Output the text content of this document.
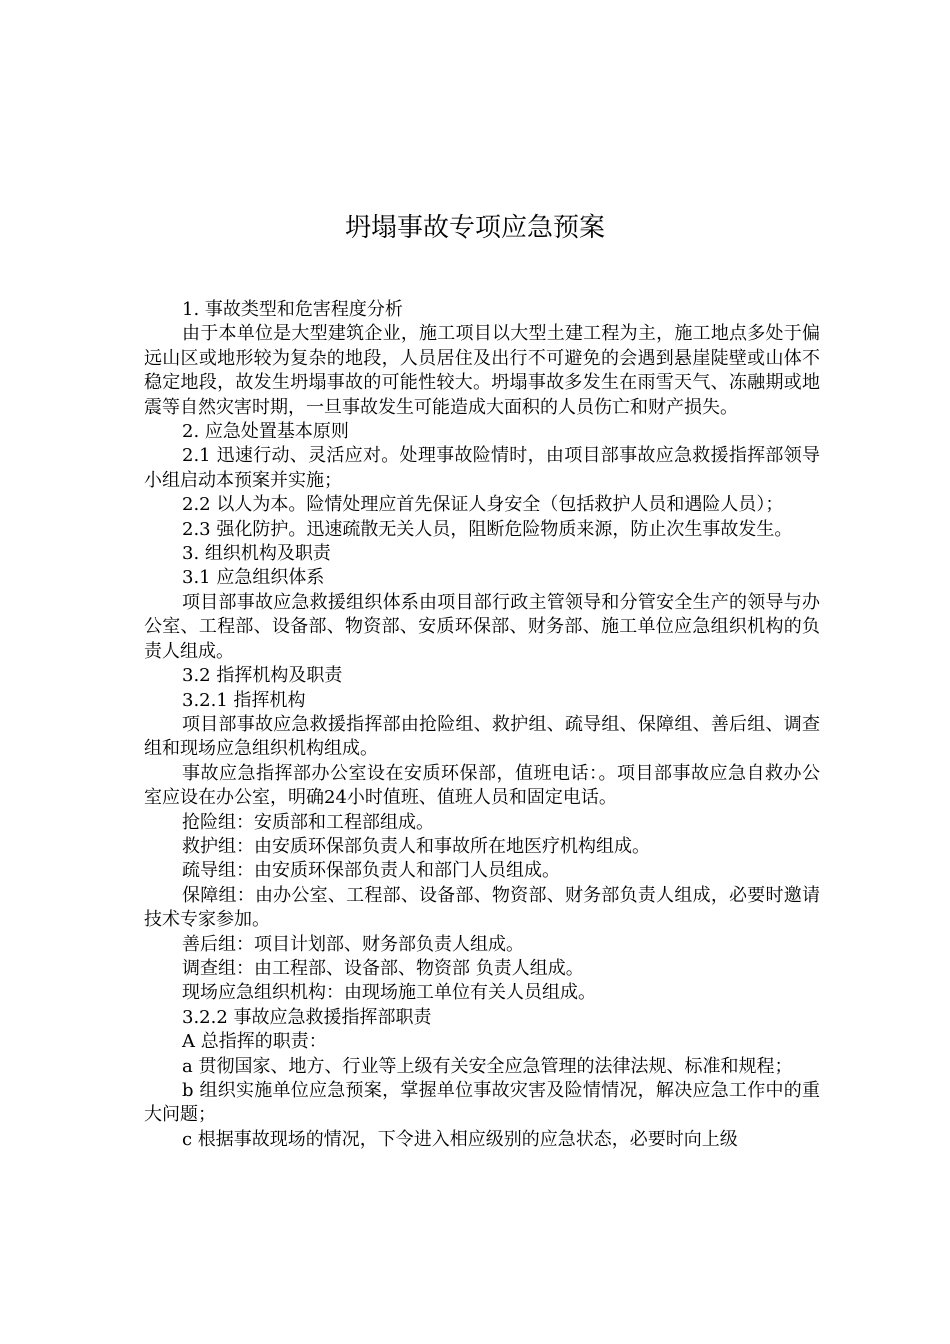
坍塌事故专项应急预案

1. 事故类型和危害程度分析

由于本单位是大型建筑企业，施工项目以大型土建工程为主，施工地点多处于偏远山区或地形较为复杂的地段，人员居住及出行不可避免的会遇到悬崖陡壁或山体不稳定地段，故发生坍塌事故的可能性较大。坍塌事故多发生在雨雪天气、冻融期或地震等自然灾害时期，一旦事故发生可能造成大面积的人员伤亡和财产损失。

2. 应急处置基本原则

2.1 迅速行动、灵活应对。处理事故险情时，由项目部事故应急救援指挥部领导小组启动本预案并实施；

2.2 以人为本。险情处理应首先保证人身安全（包括救护人员和遇险人员）；

2.3 强化防护。迅速疏散无关人员，阻断危险物质来源，防止次生事故发生。

3. 组织机构及职责

3.1 应急组织体系

项目部事故应急救援组织体系由项目部行政主管领导和分管安全生产的领导与办公室、工程部、设备部、物资部、安质环保部、财务部、施工单位应急组织机构的负责人组成。

3.2 指挥机构及职责

3.2.1 指挥机构

项目部事故应急救援指挥部由抢险组、救护组、疏导组、保障组、善后组、调查组和现场应急组织机构组成。

事故应急指挥部办公室设在安质环保部，值班电话：。项目部事故应急自救办公室应设在办公室，明确24小时值班、值班人员和固定电话。

抢险组：安质部和工程部组成。

救护组：由安质环保部负责人和事故所在地医疗机构组成。

疏导组：由安质环保部负责人和部门人员组成。

保障组：由办公室、工程部、设备部、物资部、财务部负责人组成，必要时邀请技术专家参加。

善后组：项目计划部、财务部负责人组成。

调查组：由工程部、设备部、物资部 负责人组成。

现场应急组织机构：由现场施工单位有关人员组成。

3.2.2 事故应急救援指挥部职责

A 总指挥的职责：

a 贯彻国家、地方、行业等上级有关安全应急管理的法律法规、标准和规程；

b 组织实施单位应急预案，掌握单位事故灾害及险情情况，解决应急工作中的重大问题；

c 根据事故现场的情况，下令进入相应级别的应急状态，必要时向上级
